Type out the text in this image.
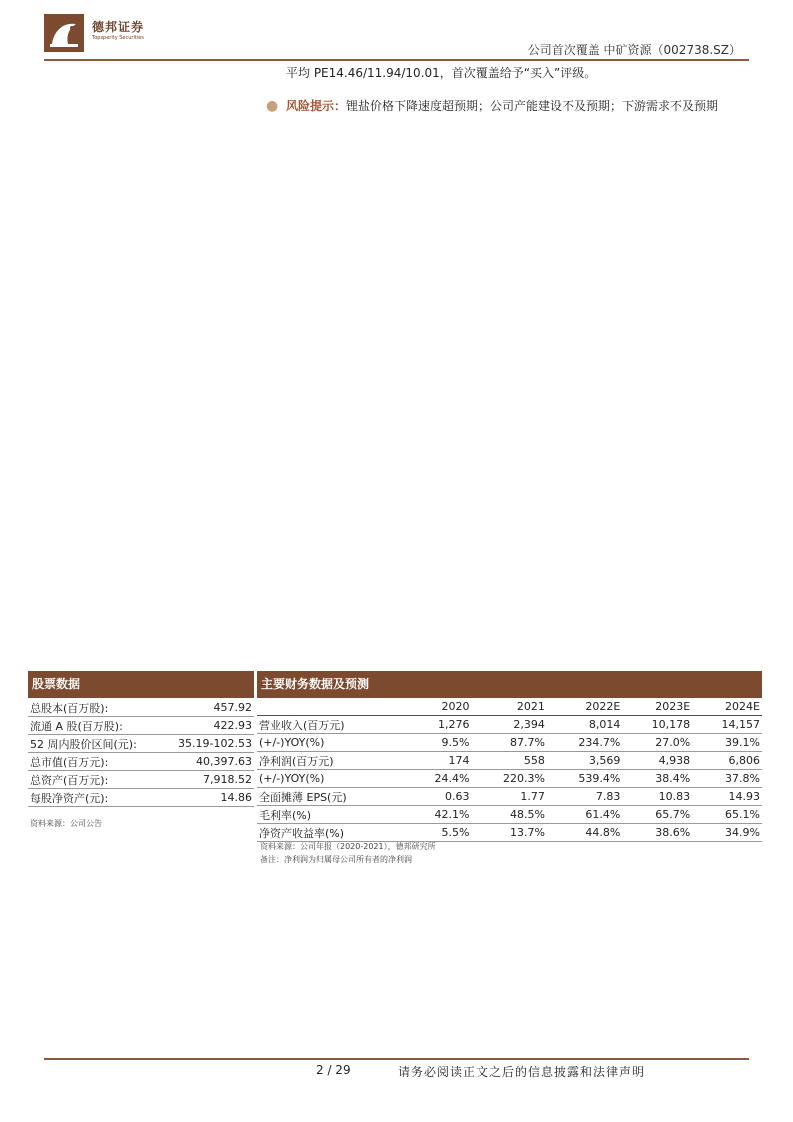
德邦证券
Topsperity Securities
公司首次覆盖 中矿资源（002738.SZ）
平均 PE14.46/11.94/10.01，首次覆盖给予“买入”评级。
● 风险提示：锂盐价格下降速度超预期；公司产能建设不及预期；下游需求不及预期
股票数据
总股本(百万股):	457.92
流通 A 股(百万股):	422.93
52 周内股价区间(元):	35.19-102.53
总市值(百万元):	40,397.63
总资产(百万元):	7,918.52
每股净资产(元):	14.86
资料来源：公司公告
主要财务数据及预测
	2020	2021	2022E	2023E	2024E
营业收入(百万元)	1,276	2,394	8,014	10,178	14,157
(+/-)YOY(%)	9.5%	87.7%	234.7%	27.0%	39.1%
净利润(百万元)	174	558	3,569	4,938	6,806
(+/-)YOY(%)	24.4%	220.3%	539.4%	38.4%	37.8%
全面摊薄 EPS(元)	0.63	1.77	7.83	10.83	14.93
毛利率(%)	42.1%	48.5%	61.4%	65.7%	65.1%
净资产收益率(%)	5.5%	13.7%	44.8%	38.6%	34.9%
资料来源：公司年报（2020-2021），德邦研究所
备注：净利润为归属母公司所有者的净利润
2 / 29	请务必阅读正文之后的信息披露和法律声明
